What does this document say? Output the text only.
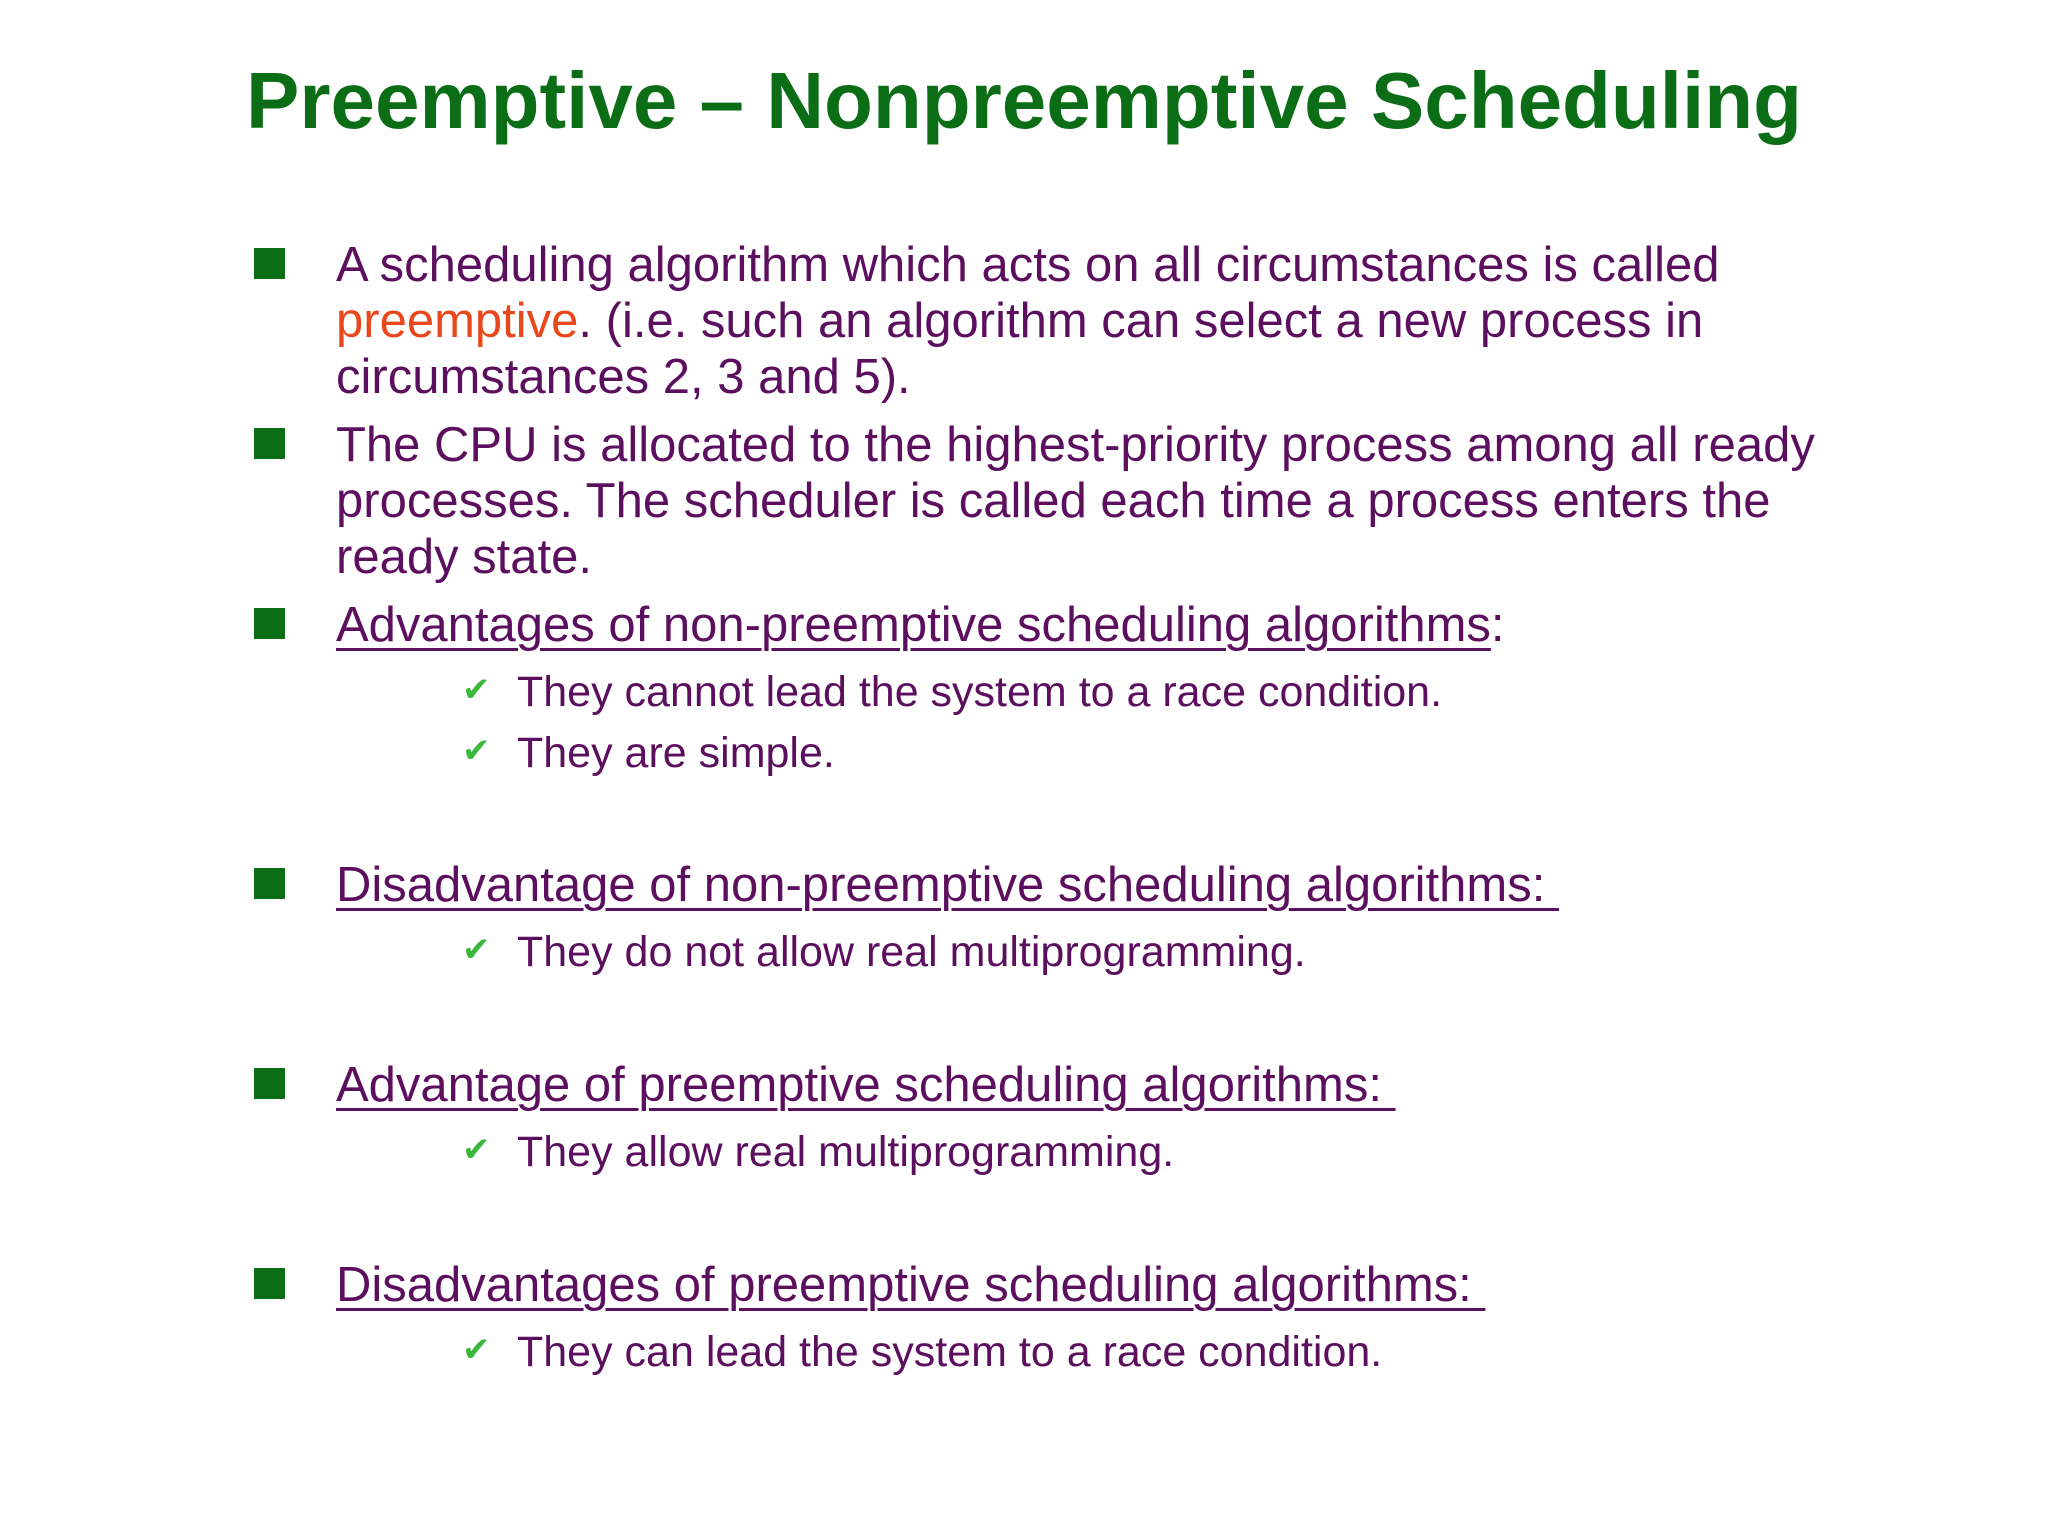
Preemptive – Nonpreemptive Scheduling
A scheduling algorithm which acts on all circumstances is called preemptive. (i.e. such an algorithm can select a new process in circumstances 2, 3 and 5).
The CPU is allocated to the highest-priority process among all ready processes. The scheduler is called each time a process enters the ready state.
Advantages of non-preemptive scheduling algorithms:
✔ They cannot lead the system to a race condition.
✔ They are simple.
Disadvantage of non-preemptive scheduling algorithms:
✔ They do not allow real multiprogramming.
Advantage of preemptive scheduling algorithms:
✔ They allow real multiprogramming.
Disadvantages of preemptive scheduling algorithms:
✔ They can lead the system to a race condition.
